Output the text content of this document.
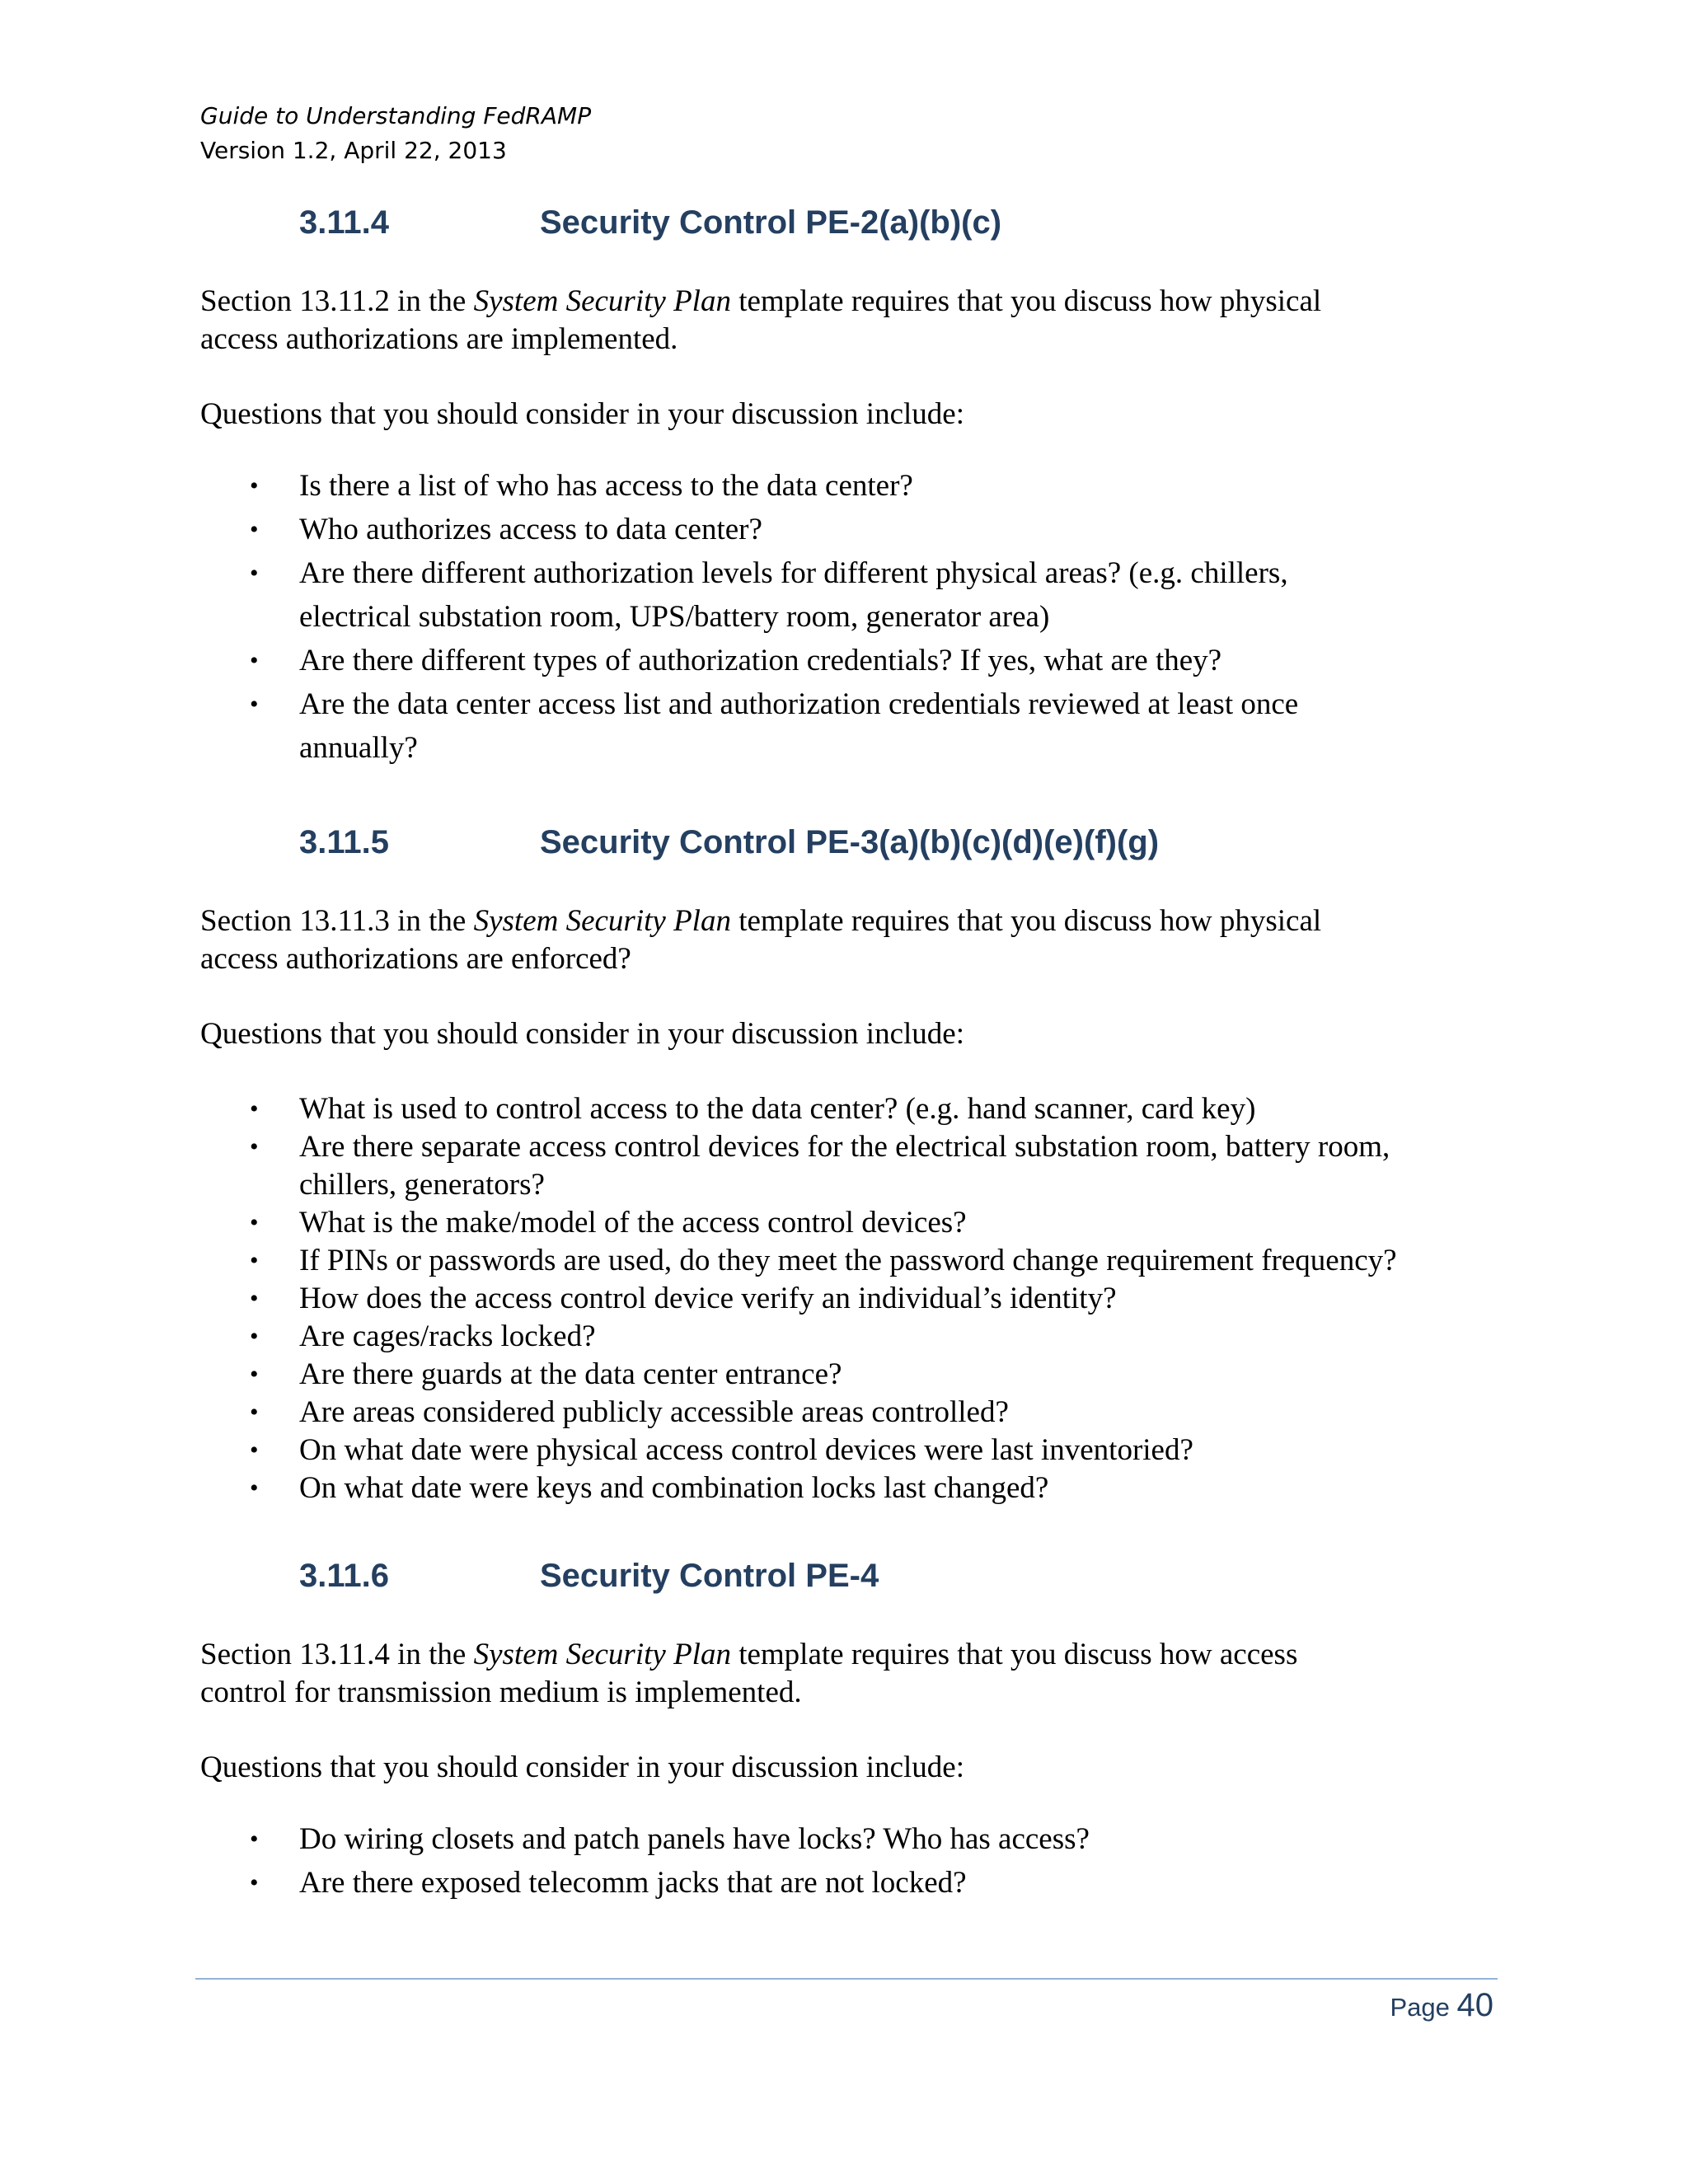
Guide to Understanding FedRAMP
Version 1.2, April 22, 2013
3.11.4	Security Control PE-2(a)(b)(c)

Section 13.11.2 in the System Security Plan template requires that you discuss how physical
access authorizations are implemented.

Questions that you should consider in your discussion include:

• Is there a list of who has access to the data center?
• Who authorizes access to data center?
• Are there different authorization levels for different physical areas? (e.g. chillers,
electrical substation room, UPS/battery room, generator area)
• Are there different types of authorization credentials? If yes, what are they?
• Are the data center access list and authorization credentials reviewed at least once
annually?
3.11.5	Security Control PE-3(a)(b)(c)(d)(e)(f)(g)

Section 13.11.3 in the System Security Plan template requires that you discuss how physical
access authorizations are enforced?

Questions that you should consider in your discussion include:

• What is used to control access to the data center? (e.g. hand scanner, card key)
• Are there separate access control devices for the electrical substation room, battery room,
chillers, generators?
• What is the make/model of the access control devices?
• If PINs or passwords are used, do they meet the password change requirement frequency?
• How does the access control device verify an individual’s identity?
• Are cages/racks locked?
• Are there guards at the data center entrance?
• Are areas considered publicly accessible areas controlled?
• On what date were physical access control devices were last inventoried?
• On what date were keys and combination locks last changed?
3.11.6	Security Control PE-4

Section 13.11.4 in the System Security Plan template requires that you discuss how access
control for transmission medium is implemented.

Questions that you should consider in your discussion include:

• Do wiring closets and patch panels have locks? Who has access?
• Are there exposed telecomm jacks that are not locked?
Page 40
